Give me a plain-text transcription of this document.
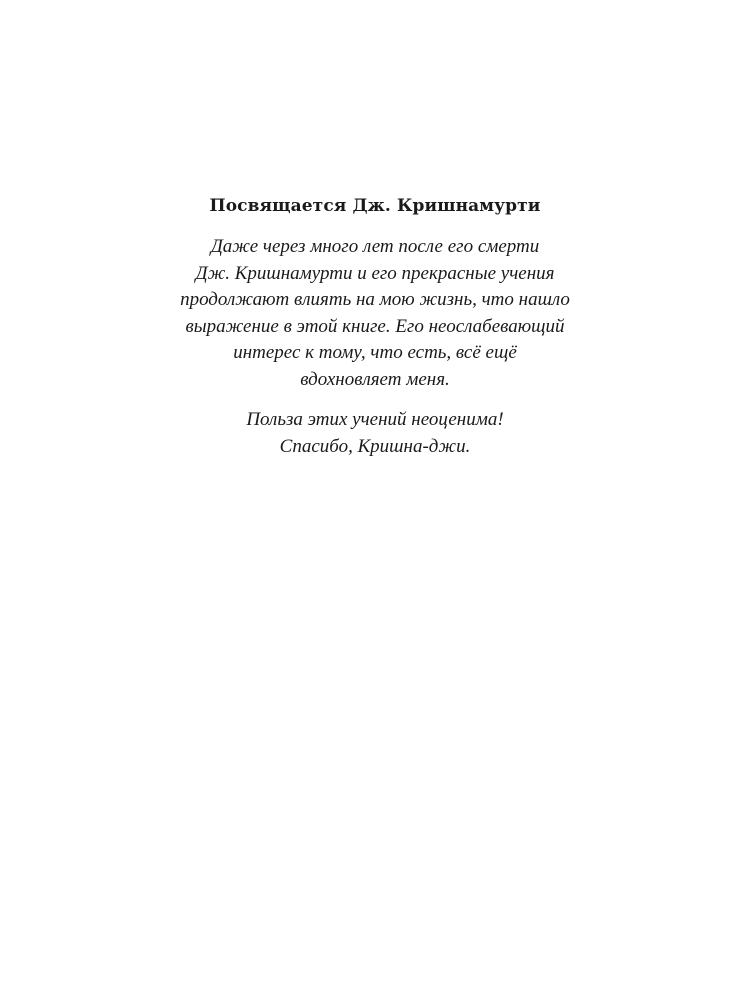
Посвящается Дж. Кришнамурти
Даже через много лет после его смерти
Дж. Кришнамурти и его прекрасные учения
продолжают влиять на мою жизнь, что нашло
выражение в этой книге. Его неослабевающий
интерес к тому, что есть, всё ещё
вдохновляет меня.
Польза этих учений неоценима!
Спасибо, Кришна-джи.
